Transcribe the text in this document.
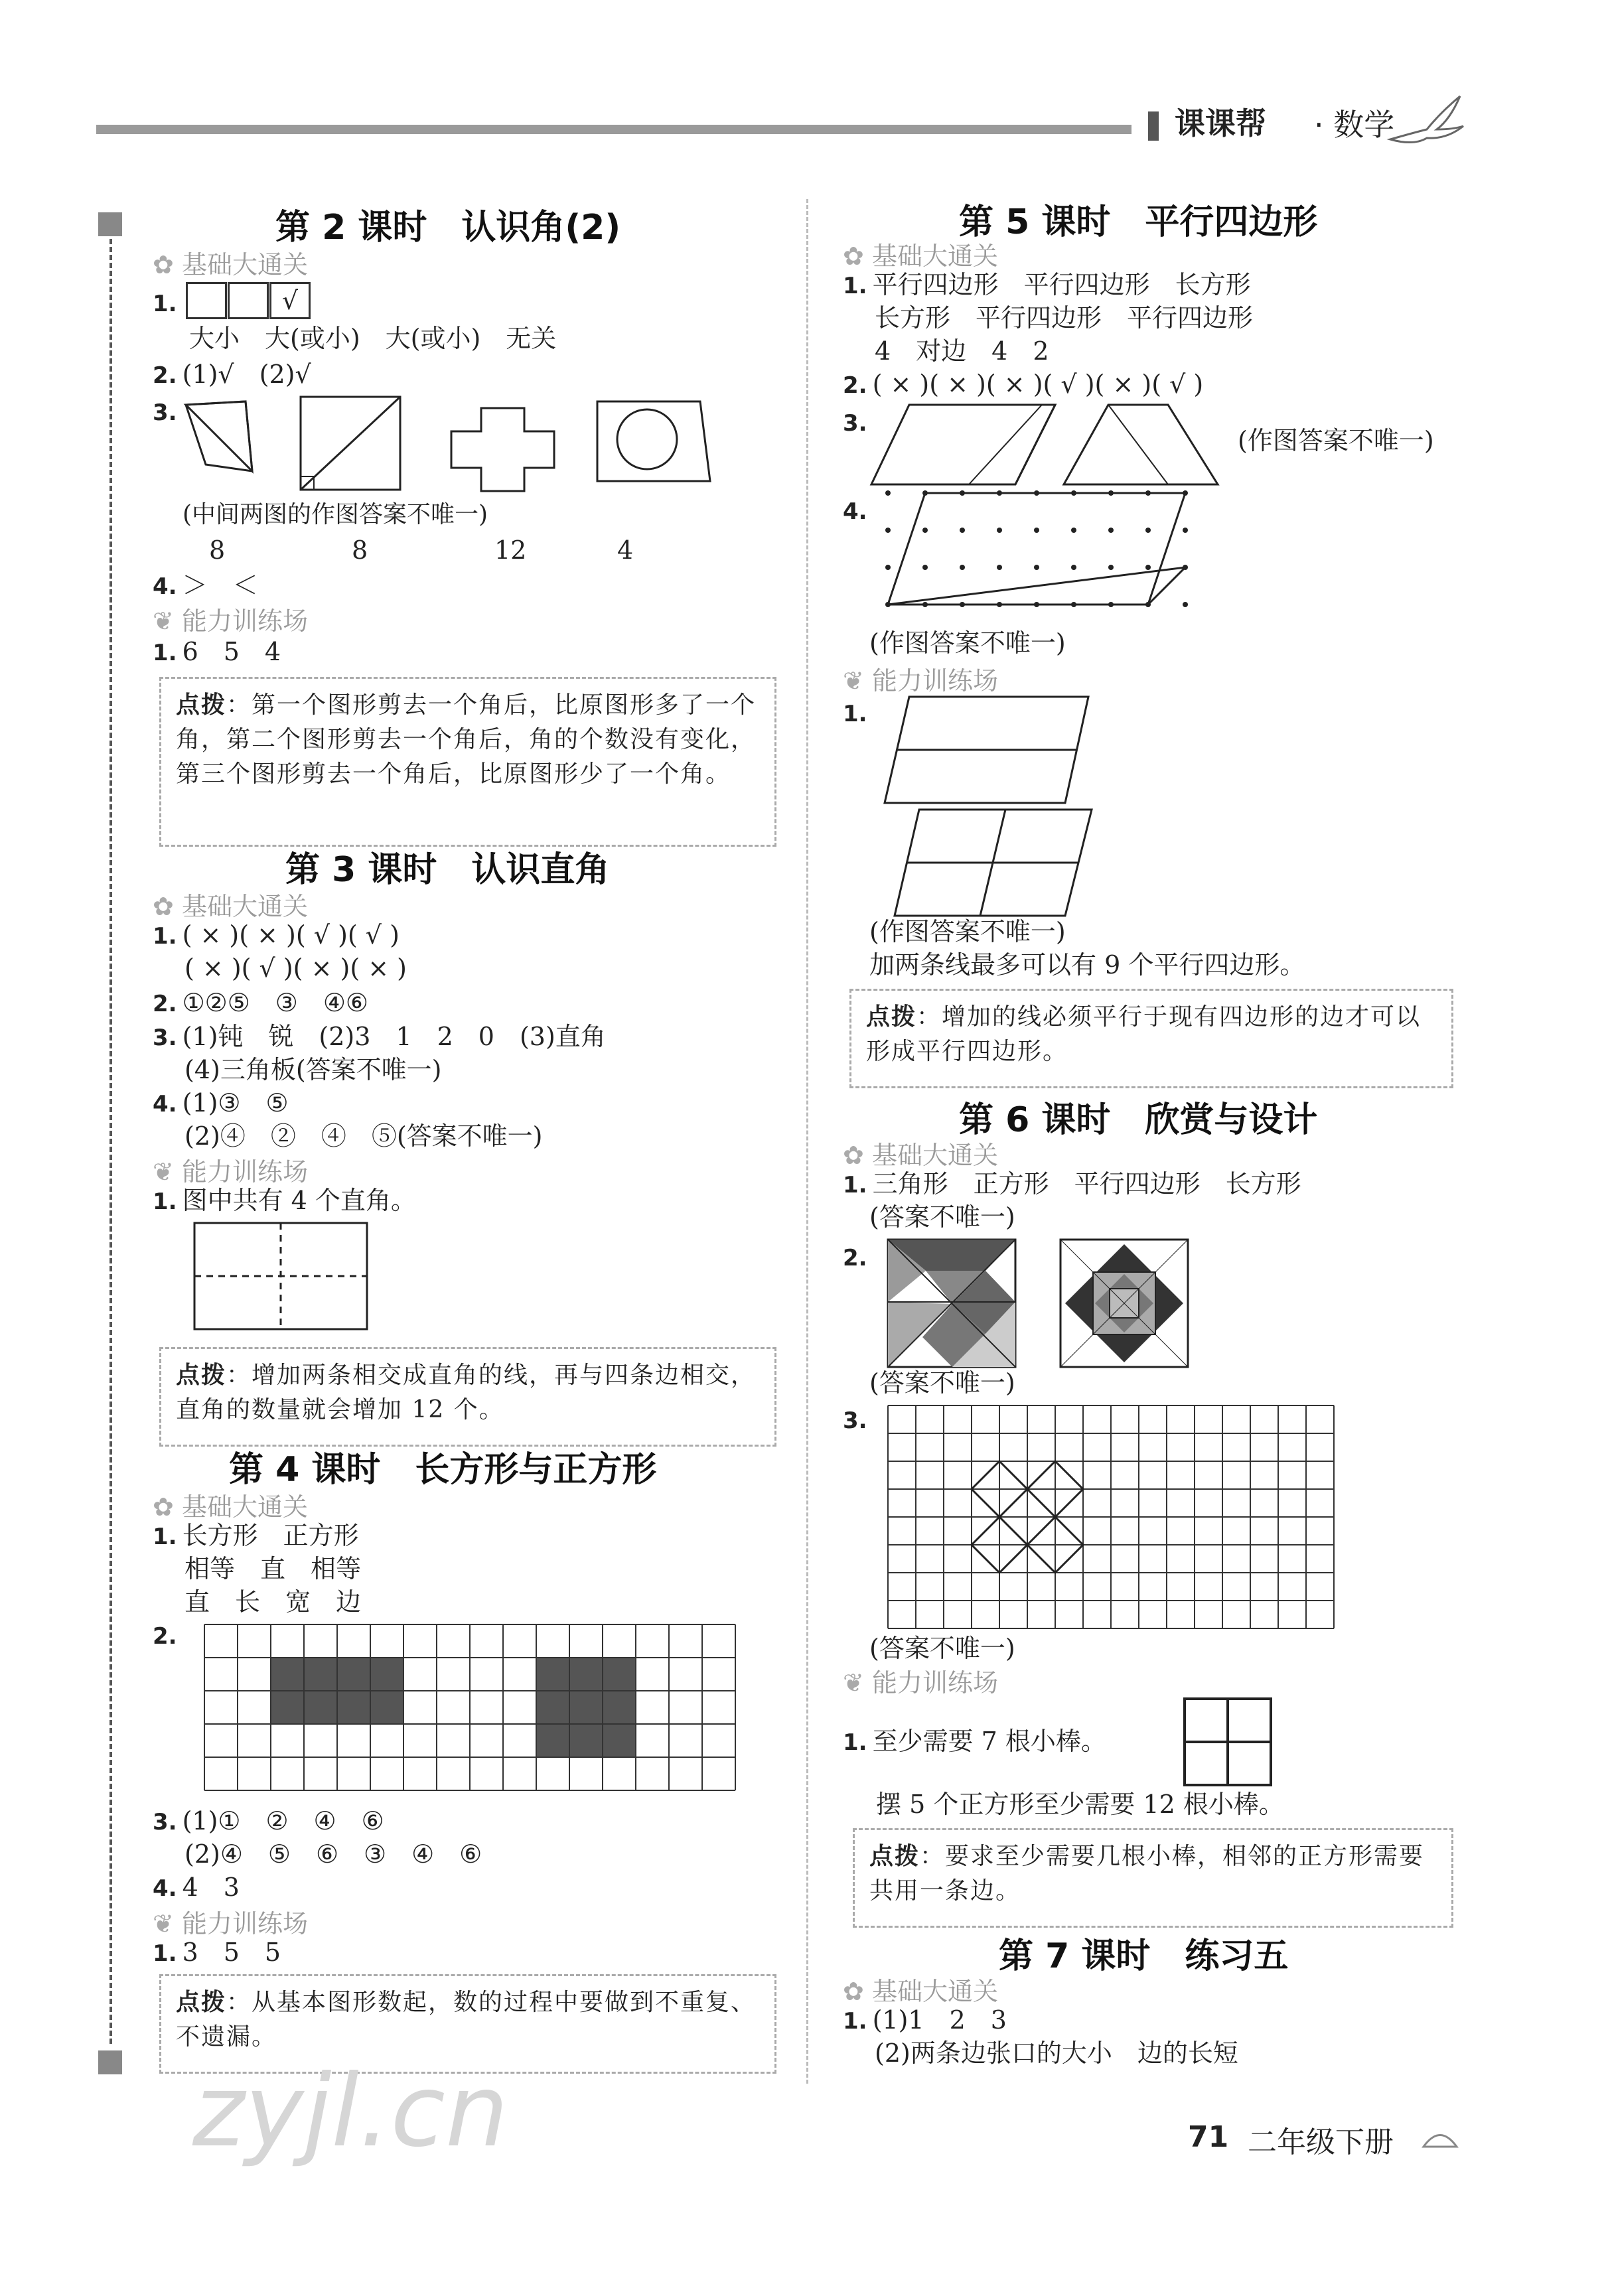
课课帮 · 数学
第 2 课时　认识角(2)
✿ 基础大通关
1.	√
大小　大(或小)　大(或小)　无关
2. (1)√　(2)√
3.
(中间两图的作图答案不唯一)
8	8	12	4
4. ＞　＜
❦ 能力训练场
1. 6　5　4
点拨：第一个图形剪去一个角后，比原图形多了一个角，第二个图形剪去一个角后，角的个数没有变化，第三个图形剪去一个角后，比原图形少了一个角。
第 3 课时　认识直角
✿ 基础大通关
1. ( × )( × )( √ )( √ )
( × )( √ )( × )( × )
2. ①②⑤　③　④⑥
3. (1)钝　锐　(2)3　1　2　0　(3)直角
(4)三角板(答案不唯一)
4. (1)③　⑤
(2)④　②　④　⑤(答案不唯一)
❦ 能力训练场
1. 图中共有 4 个直角。
点拨：增加两条相交成直角的线，再与四条边相交，直角的数量就会增加 12 个。
第 4 课时　长方形与正方形
✿ 基础大通关
1. 长方形　正方形
相等　直　相等
直　长　宽　边
2.
3. (1)①　②　④　⑥
(2)④　⑤　⑥　③　④　⑥
4. 4　3
❦ 能力训练场
1. 3　5　5
点拨：从基本图形数起，数的过程中要做到不重复、不遗漏。
第 5 课时　平行四边形
✿ 基础大通关
1. 平行四边形　平行四边形　长方形
长方形　平行四边形　平行四边形
4　对边　4　2
2. ( × )( × )( × )( √ )( × )( √ )
3.
(作图答案不唯一)
4.
(作图答案不唯一)
❦ 能力训练场
1.
(作图答案不唯一)
加两条线最多可以有 9 个平行四边形。
点拨：增加的线必须平行于现有四边形的边才可以形成平行四边形。
第 6 课时　欣赏与设计
✿ 基础大通关
1. 三角形　正方形　平行四边形　长方形
(答案不唯一)
2.
(答案不唯一)
3.
(答案不唯一)
❦ 能力训练场
1. 至少需要 7 根小棒。
摆 5 个正方形至少需要 12 根小棒。
点拨：要求至少需要几根小棒，相邻的正方形需要共用一条边。
第 7 课时　练习五
✿ 基础大通关
1. (1)1　2　3
(2)两条边张口的大小　边的长短
zyjl.cn	71 二年级下册
